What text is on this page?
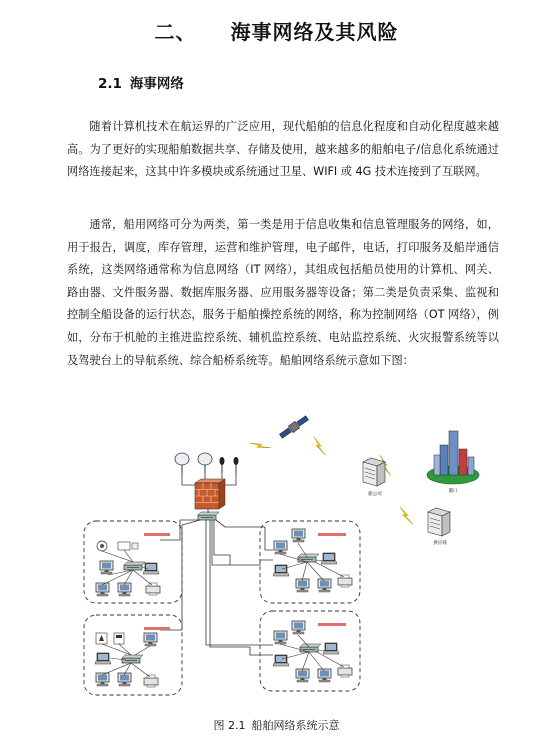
二、 海事网络及其风险
2.1 海事网络

随着计算机技术在航运界的广泛应用，现代船舶的信息化程度和自动化程度越来越高。为了更好的实现船舶数据共享、存储及使用，越来越多的船舶电子/信息化系统通过网络连接起来，这其中许多模块或系统通过卫星、WIFI 或 4G 技术连接到了互联网。

通常，船用网络可分为两类，第一类是用于信息收集和信息管理服务的网络，如，用于报告，调度，库存管理，运营和维护管理，电子邮件，电话，打印服务及船岸通信系统，这类网络通常称为信息网络（IT 网络），其组成包括船员使用的计算机、网关、路由器、文件服务器、数据库服务器、应用服务器等设备；第二类是负责采集、监视和控制全船设备的运行状态，服务于船舶操控系统的网络，称为控制网络（OT 网络），例如，分布于机舱的主推进监控系统、辅机监控系统、电站监控系统、火灾报警系统等以及驾驶台上的导航系统、综合船桥系统等。船舶网络系统示意如下图：

船公司
供应商
港口
图 2.1 船舶网络系统示意
